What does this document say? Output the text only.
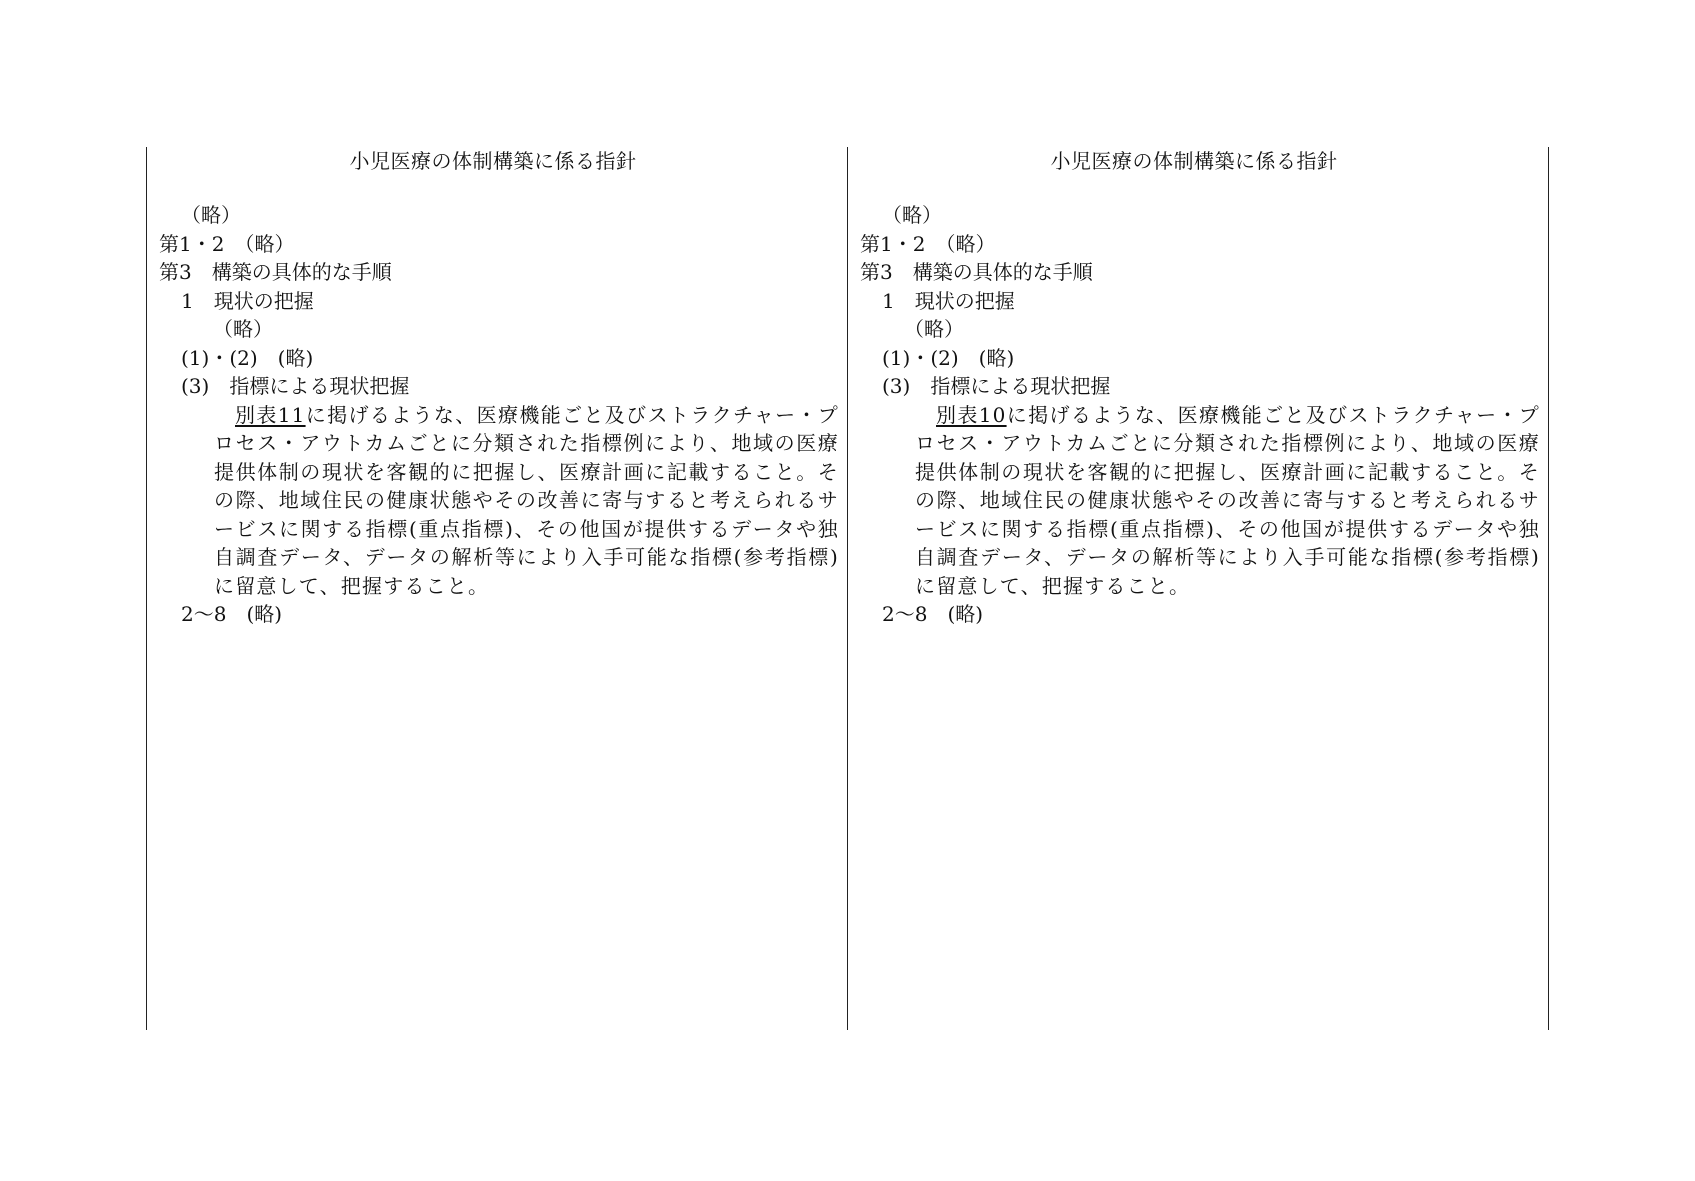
小児医療の体制構築に係る指針
（略）
第1・2　（略）
第3　構築の具体的な手順
1　現状の把握
（略）
(1)・(2)　(略)
(3)　指標による現状把握
別表11に掲げるような、医療機能ごと及びストラクチャー・プロセス・アウトカムごとに分類された指標例により、地域の医療提供体制の現状を客観的に把握し、医療計画に記載すること。その際、地域住民の健康状態やその改善に寄与すると考えられるサービスに関する指標(重点指標)、その他国が提供するデータや独自調査データ、データの解析等により入手可能な指標(参考指標)に留意して、把握すること。
2～8　(略)
小児医療の体制構築に係る指針
（略）
第1・2　（略）
第3　構築の具体的な手順
1　現状の把握
（略）
(1)・(2)　(略)
(3)　指標による現状把握
別表10に掲げるような、医療機能ごと及びストラクチャー・プロセス・アウトカムごとに分類された指標例により、地域の医療提供体制の現状を客観的に把握し、医療計画に記載すること。その際、地域住民の健康状態やその改善に寄与すると考えられるサービスに関する指標(重点指標)、その他国が提供するデータや独自調査データ、データの解析等により入手可能な指標(参考指標)に留意して、把握すること。
2～8　(略)
